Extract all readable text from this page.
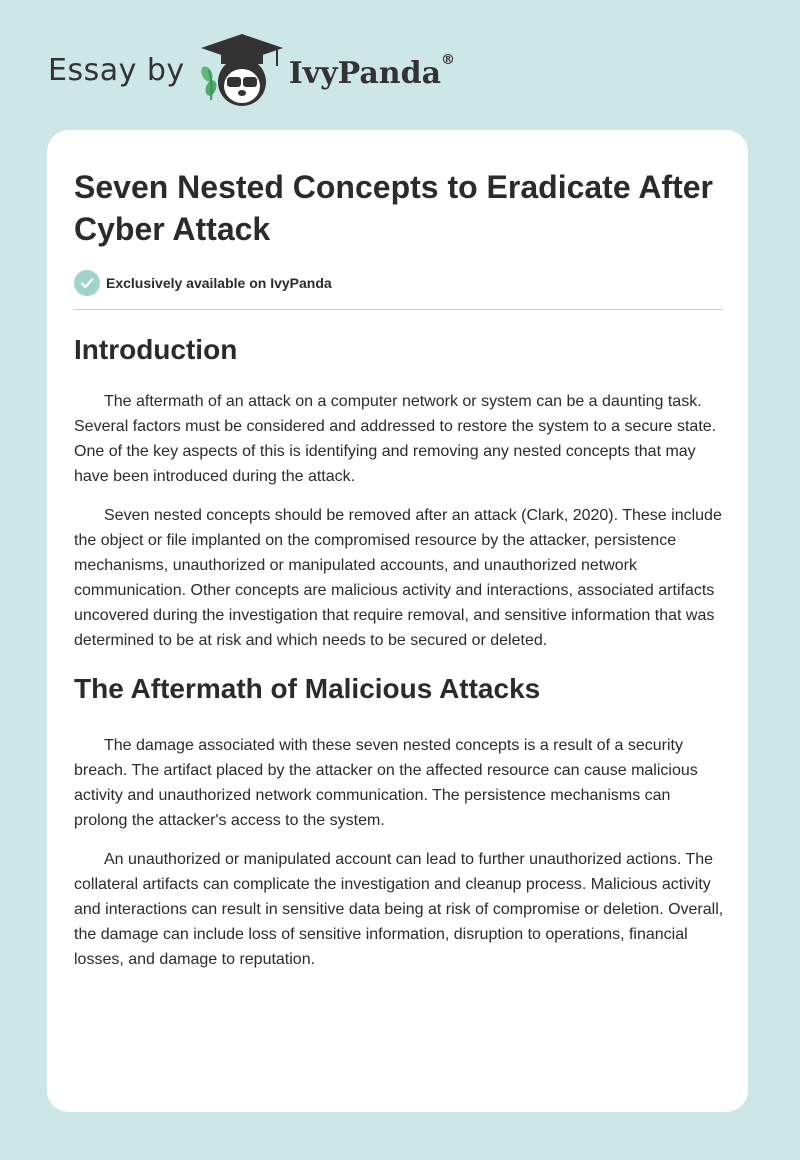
Essay by	IvyPanda®
Seven Nested Concepts to Eradicate After Cyber Attack
Exclusively available on IvyPanda
Introduction

The aftermath of an attack on a computer network or system can be a daunting task. Several factors must be considered and addressed to restore the system to a secure state. One of the key aspects of this is identifying and removing any nested concepts that may have been introduced during the attack.

Seven nested concepts should be removed after an attack (Clark, 2020). These include the object or file implanted on the compromised resource by the attacker, persistence mechanisms, unauthorized or manipulated accounts, and unauthorized network communication. Other concepts are malicious activity and interactions, associated artifacts uncovered during the investigation that require removal, and sensitive information that was determined to be at risk and which needs to be secured or deleted.

The Aftermath of Malicious Attacks

The damage associated with these seven nested concepts is a result of a security breach. The artifact placed by the attacker on the affected resource can cause malicious activity and unauthorized network communication. The persistence mechanisms can prolong the attacker's access to the system.

An unauthorized or manipulated account can lead to further unauthorized actions. The collateral artifacts can complicate the investigation and cleanup process. Malicious activity and interactions can result in sensitive data being at risk of compromise or deletion. Overall, the damage can include loss of sensitive information, disruption to operations, financial losses, and damage to reputation.
